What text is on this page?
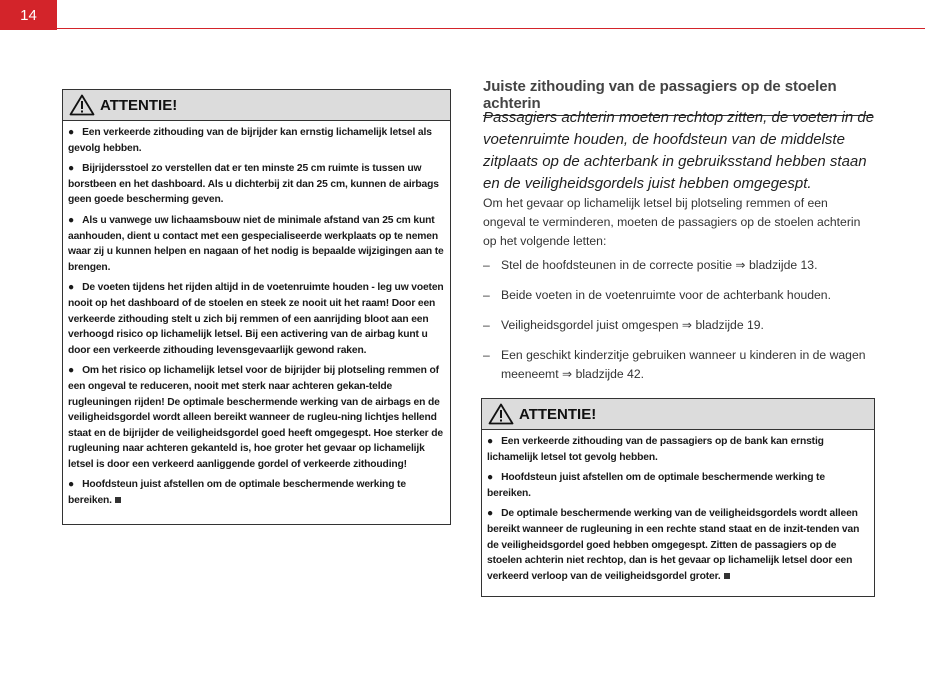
14
ATTENTIE!

● Een verkeerde zithouding van de bijrijder kan ernstig lichamelijk letsel als gevolg hebben.

● Bijrijdersstoel zo verstellen dat er ten minste 25 cm ruimte is tussen uw borstbeen en het dashboard. Als u dichterbij zit dan 25 cm, kunnen de airbags geen goede bescherming geven.

● Als u vanwege uw lichaamsbouw niet de minimale afstand van 25 cm kunt aanhouden, dient u contact met een gespecialiseerde werkplaats op te nemen waar zij u kunnen helpen en nagaan of het nodig is bepaalde wijzigingen aan te brengen.

● De voeten tijdens het rijden altijd in de voetenruimte houden - leg uw voeten nooit op het dashboard of de stoelen en steek ze nooit uit het raam! Door een verkeerde zithouding stelt u zich bij remmen of een aanrijding bloot aan een verhoogd risico op lichamelijk letsel. Bij een activering van de airbag kunt u door een verkeerde zithouding levensgevaarlijk gewond raken.

● Om het risico op lichamelijk letsel voor de bijrijder bij plotseling remmen of een ongeval te reduceren, nooit met sterk naar achteren gekan-telde rugleuningen rijden! De optimale beschermende werking van de airbags en de veiligheidsgordel wordt alleen bereikt wanneer de rugleu-ning lichtjes hellend staat en de bijrijder de veiligheidsgordel goed heeft omgegespt. Hoe sterker de rugleuning naar achteren gekanteld is, hoe groter het gevaar op lichamelijk letsel is door een verkeerd aanliggende gordel of verkeerde zithouding!

● Hoofdsteun juist afstellen om de optimale beschermende werking te bereiken.

Juiste zithouding van de passagiers op de stoelen achterin
Passagiers achterin moeten rechtop zitten, de voeten in de voetenruimte houden, de hoofdsteun van de middelste zitplaats op de achterbank in gebruiksstand hebben staan en de veiligheidsgordels juist hebben omgegespt.
Om het gevaar op lichamelijk letsel bij plotseling remmen of een ongeval te verminderen, moeten de passagiers op de stoelen achterin op het volgende letten:
– Stel de hoofdsteunen in de correcte positie ⇒ bladzijde 13.
– Beide voeten in de voetenruimte voor de achterbank houden.
– Veiligheidsgordel juist omgespen ⇒ bladzijde 19.
– Een geschikt kinderzitje gebruiken wanneer u kinderen in de wagen meeneemt ⇒ bladzijde 42.
ATTENTIE!

● Een verkeerde zithouding van de passagiers op de bank kan ernstig lichamelijk letsel tot gevolg hebben.

● Hoofdsteun juist afstellen om de optimale beschermende werking te bereiken.

● De optimale beschermende werking van de veiligheidsgordels wordt alleen bereikt wanneer de rugleuning in een rechte stand staat en de inzit-tenden van de veiligheidsgordel goed hebben omgegespt. Zitten de passagiers op de stoelen achterin niet rechtop, dan is het gevaar op lichamelijk letsel door een verkeerd verloop van de veiligheidsgordel groter.
